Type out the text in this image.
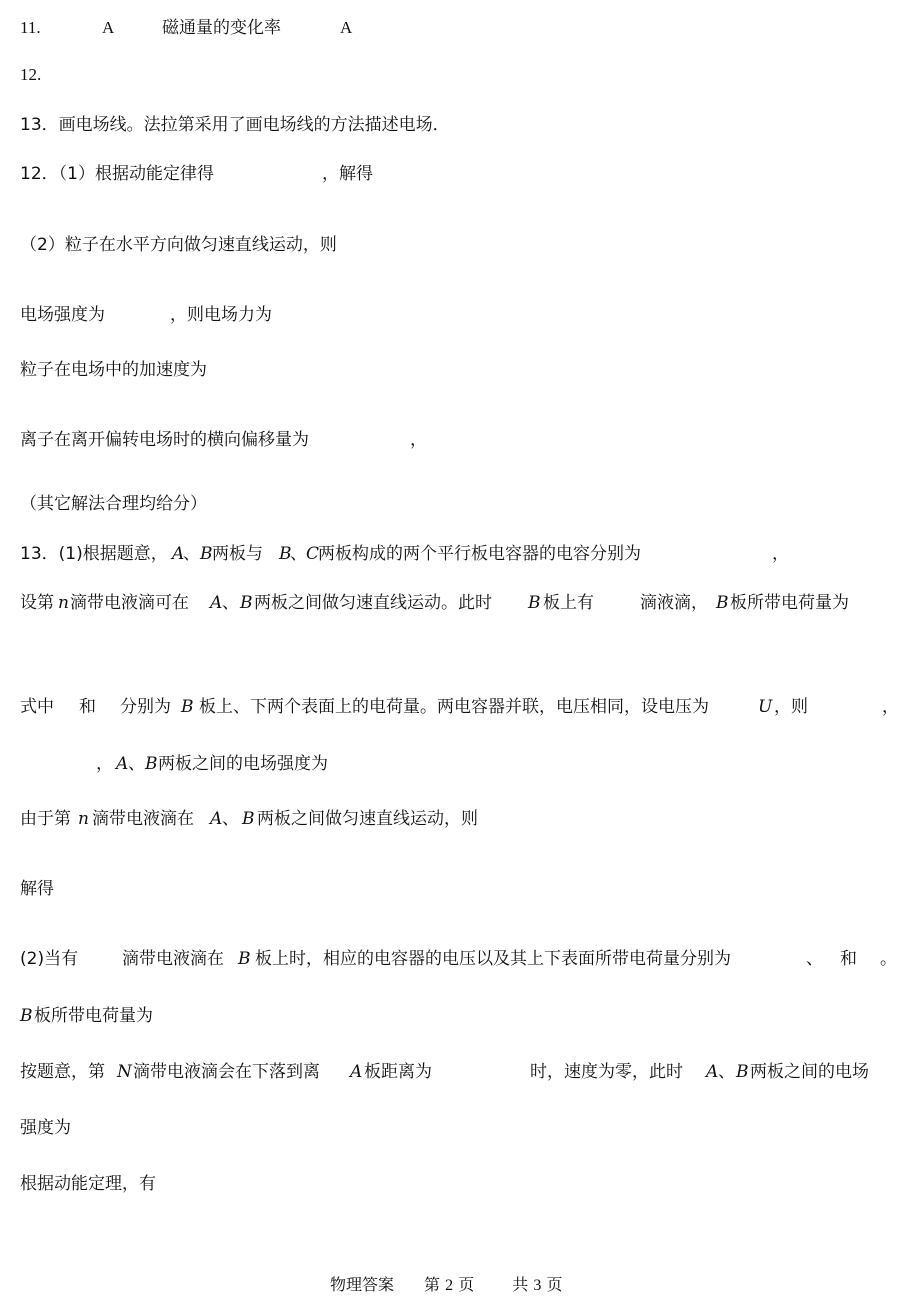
11.	A	磁通量的变化率	A
12.
13．画电场线。法拉第采用了画电场线的方法描述电场．
12．（1）根据动能定律得	，解得
（2）粒子在水平方向做匀速直线运动，则
电场强度为	，则电场力为
粒子在电场中的加速度为
离子在离开偏转电场时的横向偏移量为	，
（其它解法合理均给分）
13．(1)根据题意， A
、 B 两板与 B
、 C
两板构成的两个平行板电容器的电容分别为	，
设第 n 滴带电液滴可在 A 、 B 两板之间做匀速直线运动。此时 B 板上有	滴液滴， B 板所带电荷量为
式中 和 分别为 B 板上、下两个表面上的电荷量。两电容器并联，电压相同，设电压为	U ，则	，
， A 、 B 两板之间的电场强度为
由于第 n 滴带电液滴在 A 、 B 两板之间做匀速直线运动，则
解得
(2)当有	滴带电液滴在 B 板上时，相应的电容器的电压以及其上下表面所带电荷量分别为	、 和 。
B 板所带电荷量为
按题意，第 N 滴带电液滴会在下落到离 A 板距离为	时，速度为零，此时 A 、 B 两板之间的电场
强度为
根据动能定理，有
物理答案 第 2 页 共 3 页
